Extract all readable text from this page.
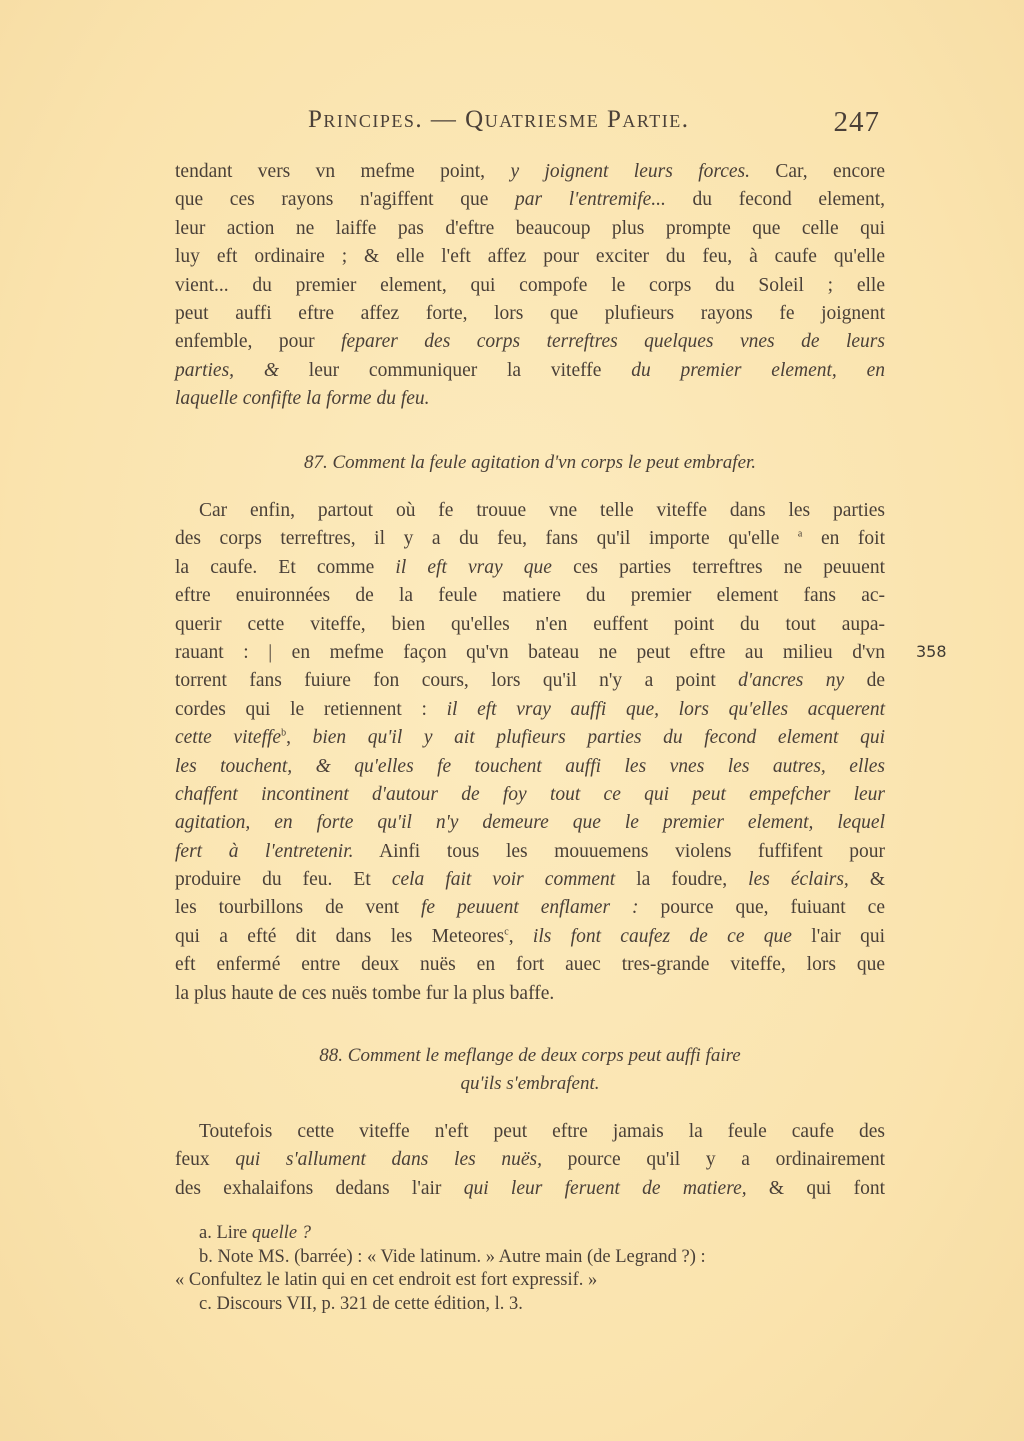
Principes. — Quatriesme Partie.	247
358
tendant vers vn mefme point, y joignent leurs forces. Car, encore
que ces rayons n'agiffent que par l'entremife... du fecond element,
leur action ne laiffe pas d'eftre beaucoup plus prompte que celle qui
luy eft ordinaire ; & elle l'eft affez pour exciter du feu, à caufe qu'elle
vient... du premier element, qui compofe le corps du Soleil ; elle
peut auffi eftre affez forte, lors que plufieurs rayons fe joignent
enfemble, pour feparer des corps terreftres quelques vnes de leurs
parties, & leur communiquer la viteffe du premier element, en
laquelle confifte la forme du feu.
87. Comment la feule agitation d'vn corps le peut embrafer.
Car enfin, partout où fe trouue vne telle viteffe dans les parties
des corps terreftres, il y a du feu, fans qu'il importe qu'elle $^a$ en foit
la caufe. Et comme il eft vray que ces parties terreftres ne peuuent
eftre enuironnées de la feule matiere du premier element fans ac-
querir cette viteffe, bien qu'elles n'en euffent point du tout aupa-
rauant : | en mefme façon qu'vn bateau ne peut eftre au milieu d'vn
torrent fans fuiure fon cours, lors qu'il n'y a point d'ancres ny de
cordes qui le retiennent : il eft vray auffi que, lors qu'elles acquerent
cette viteffe$^b$, bien qu'il y ait plufieurs parties du fecond element qui
les touchent, & qu'elles fe touchent auffi les vnes les autres, elles
chaffent incontinent d'autour de foy tout ce qui peut empefcher leur
agitation, en forte qu'il n'y demeure que le premier element, lequel
fert à l'entretenir. Ainfi tous les mouuemens violens fuffifent pour
produire du feu. Et cela fait voir comment la foudre, les éclairs, &
les tourbillons de vent fe peuuent enflamer : pource que, fuiuant ce
qui a efté dit dans les Meteores$^c$, ils font caufez de ce que l'air qui
eft enfermé entre deux nuës en fort auec tres-grande viteffe, lors que
la plus haute de ces nuës tombe fur la plus baffe.
88. Comment le meflange de deux corps peut auffi faire
qu'ils s'embrafent.
Toutefois cette viteffe n'eft peut eftre jamais la feule caufe des
feux qui s'allument dans les nuës, pource qu'il y a ordinairement
des exhalaifons dedans l'air qui leur feruent de matiere, & qui font
a. Lire quelle ?
b. Note MS. (barrée) : « Vide latinum. » Autre main (de Legrand ?) :
« Confultez le latin qui en cet endroit est fort expressif. »
c. Discours VII, p. 321 de cette édition, l. 3.
